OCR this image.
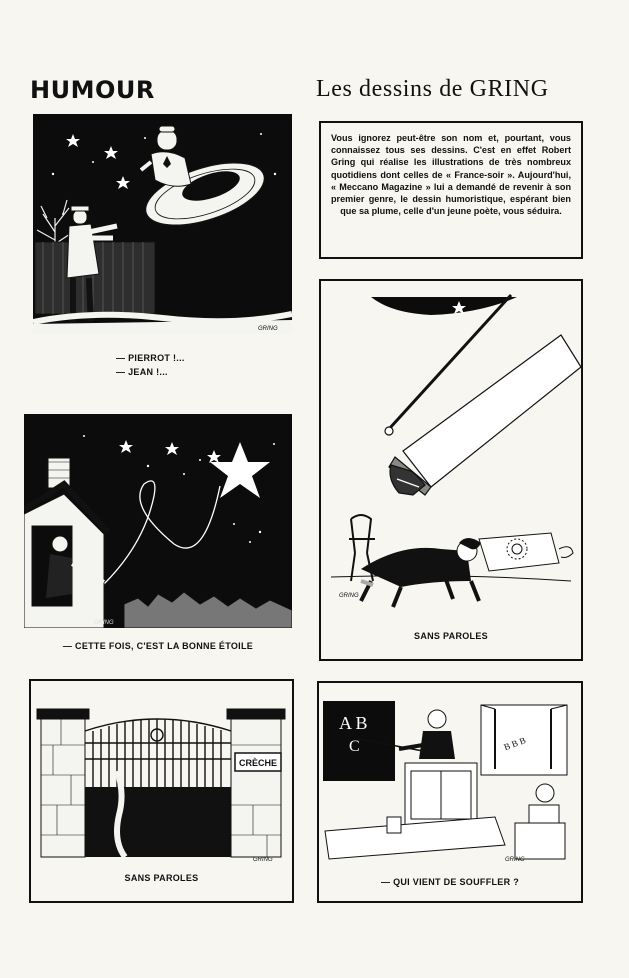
HUMOUR	Les dessins de GRING
Vous ignorez peut-être son nom et, pourtant, vous connaissez tous ses dessins. C'est en effet Robert Gring qui réalise les illustrations de très nombreux quotidiens dont celles de « France-soir ». Aujourd'hui, « Meccano Magazine » lui a demandé de revenir à son premier genre, le dessin humoristique, espérant bien que sa plume, celle d'un jeune poète, vous séduira.
GRING
— PIERROT !...
— JEAN !...
GRING
SANS PAROLES
GRING
— CETTE FOIS, C'EST LA BONNE ÉTOILE
CRÈCHE
GRING
SANS PAROLES
A B
C	B B B
GRING
— QUI VIENT DE SOUFFLER ?
